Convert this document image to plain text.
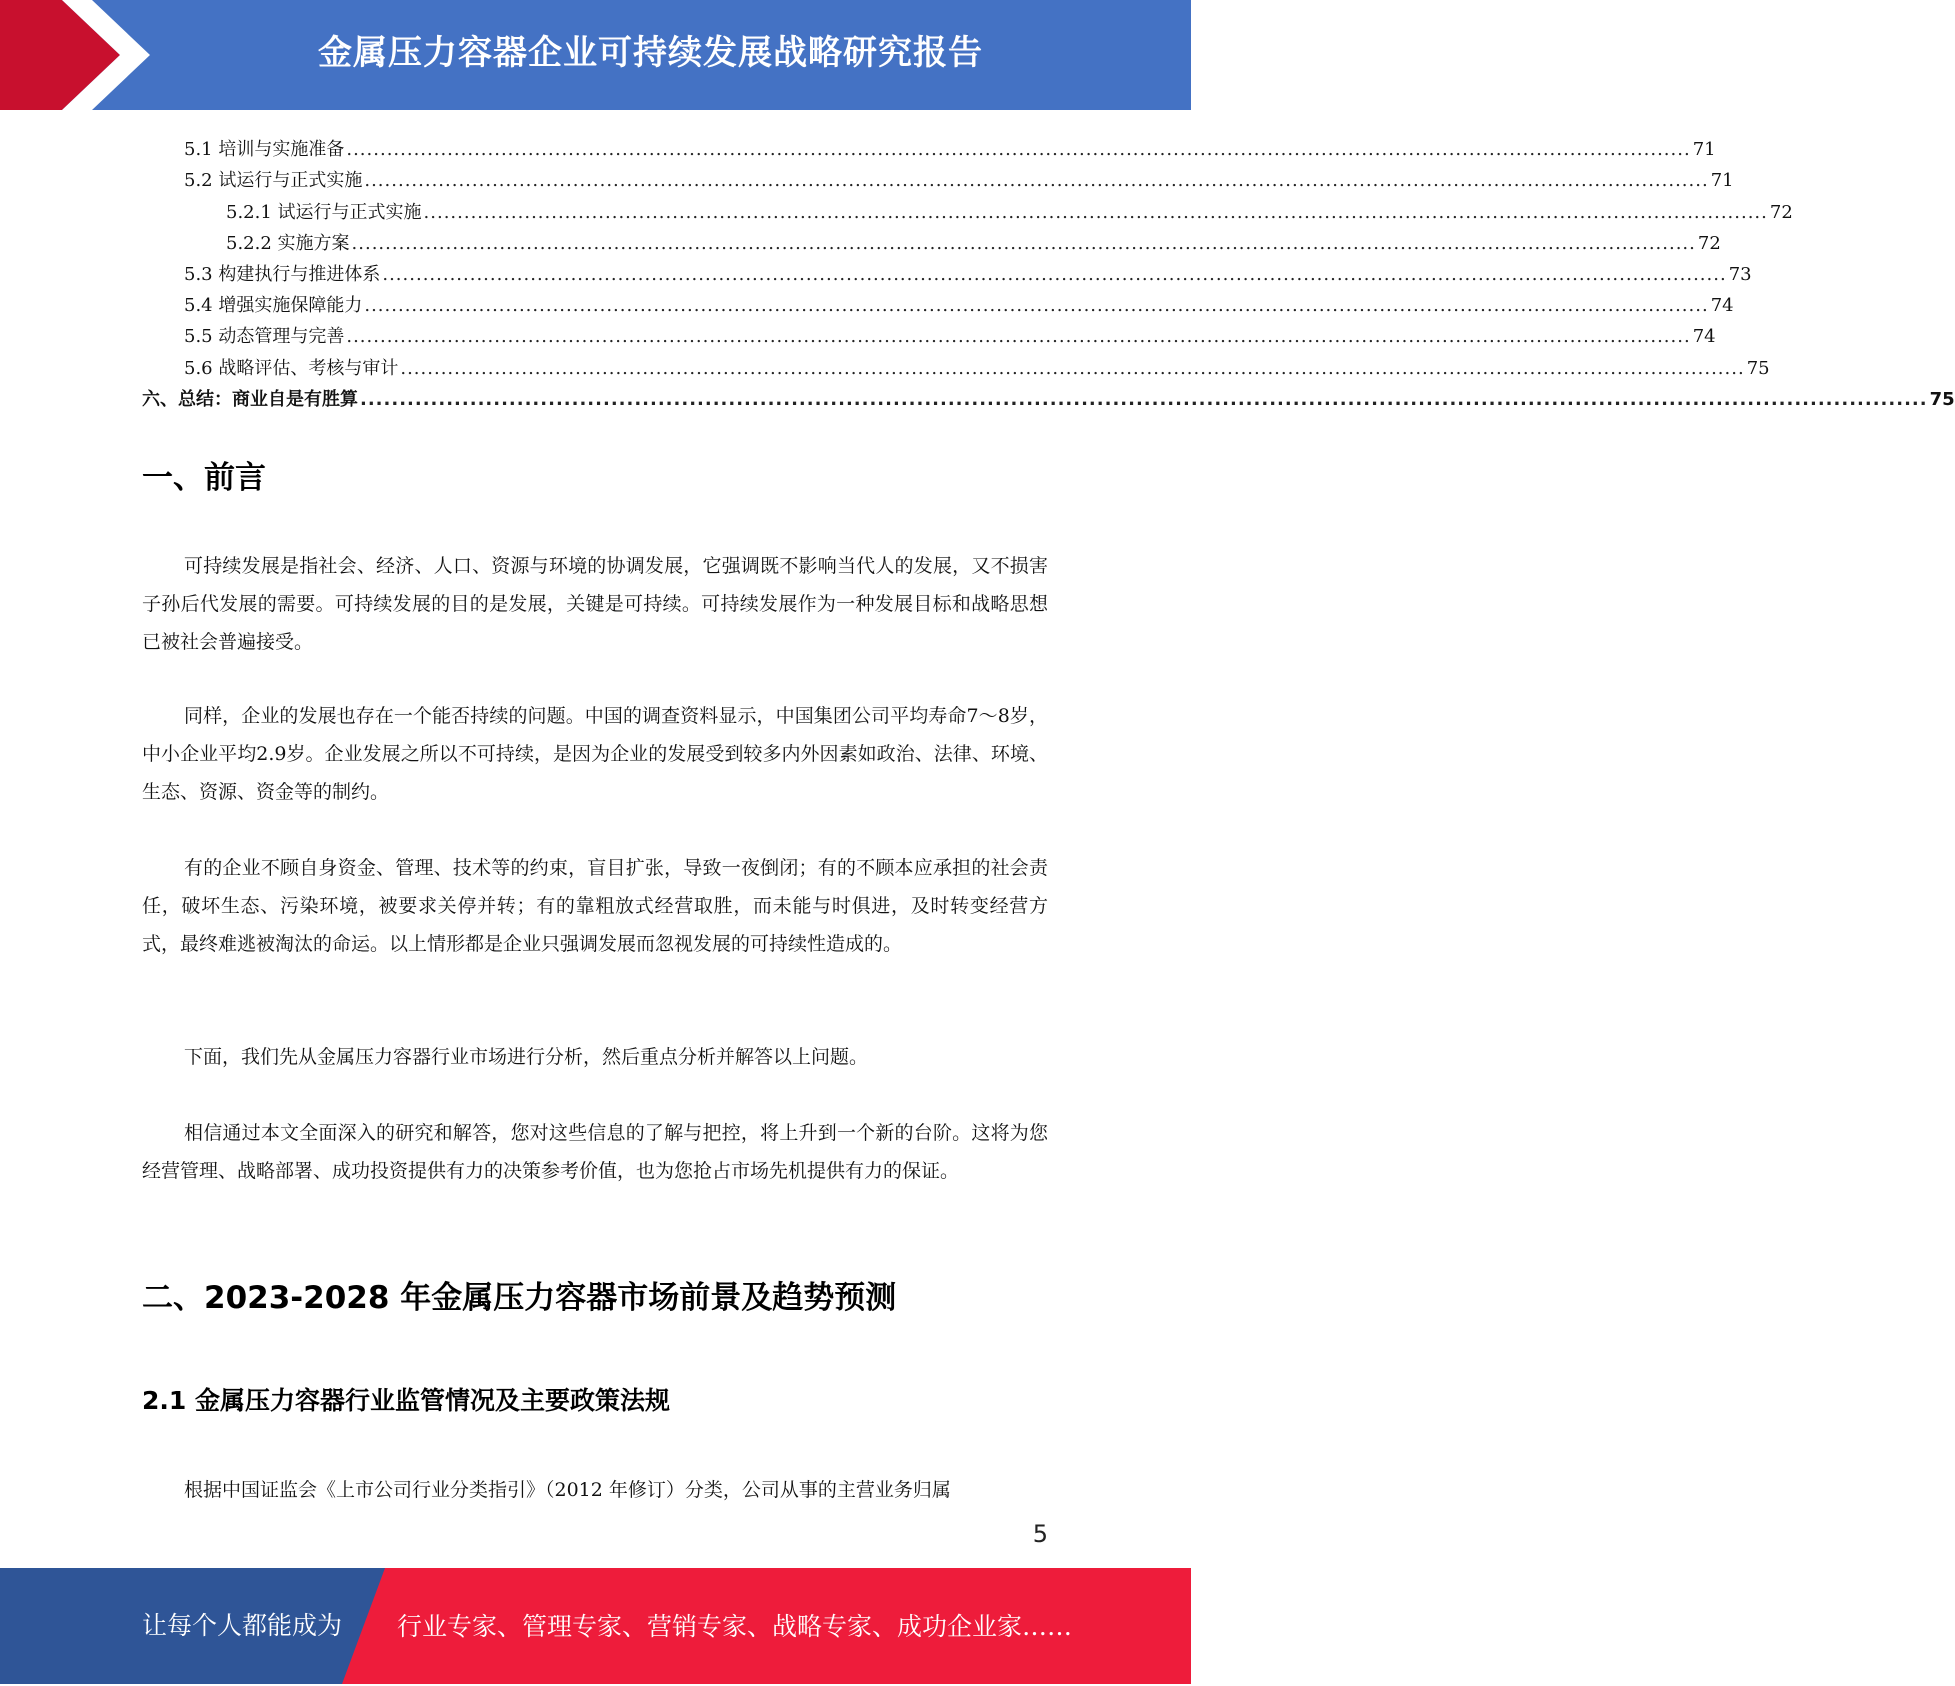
金属压力容器企业可持续发展战略研究报告
5.1 培训与实施准备 ........................................................................................................................................................................................................ 71
5.2 试运行与正式实施 ........................................................................................................................................................................................................ 71
5.2.1 试运行与正式实施 ........................................................................................................................................................................................................ 72
5.2.2 实施方案 ........................................................................................................................................................................................................ 72
5.3 构建执行与推进体系 ........................................................................................................................................................................................................ 73
5.4 增强实施保障能力 ........................................................................................................................................................................................................ 74
5.5 动态管理与完善 ........................................................................................................................................................................................................ 74
5.6 战略评估、考核与审计 ........................................................................................................................................................................................................ 75
六、总结：商业自是有胜算 ........................................................................................................................................................................................................ 75
一、前言

可持续发展是指社会、经济、人口、资源与环境的协调发展，它强调既不影响当代人的发展，又不损害子孙后代发展的需要。可持续发展的目的是发展，关键是可持续。可持续发展作为一种发展目标和战略思想已被社会普遍接受。

同样，企业的发展也存在一个能否持续的问题。中国的调查资料显示，中国集团公司平均寿命7～8岁，中小企业平均2.9岁。企业发展之所以不可持续，是因为企业的发展受到较多内外因素如政治、法律、环境、生态、资源、资金等的制约。

有的企业不顾自身资金、管理、技术等的约束，盲目扩张，导致一夜倒闭；有的不顾本应承担的社会责任，破坏生态、污染环境，被要求关停并转；有的靠粗放式经营取胜，而未能与时俱进，及时转变经营方式，最终难逃被淘汰的命运。以上情形都是企业只强调发展而忽视发展的可持续性造成的。

下面，我们先从金属压力容器行业市场进行分析，然后重点分析并解答以上问题。

相信通过本文全面深入的研究和解答，您对这些信息的了解与把控，将上升到一个新的台阶。这将为您经营管理、战略部署、成功投资提供有力的决策参考价值，也为您抢占市场先机提供有力的保证。

二、2023-2028 年金属压力容器市场前景及趋势预测
2.1 金属压力容器行业监管情况及主要政策法规

根据中国证监会《上市公司行业分类指引》（2012 年修订）分类，公司从事的主营业务归属

5
让每个人都能成为 行业专家、管理专家、营销专家、战略专家、成功企业家……
